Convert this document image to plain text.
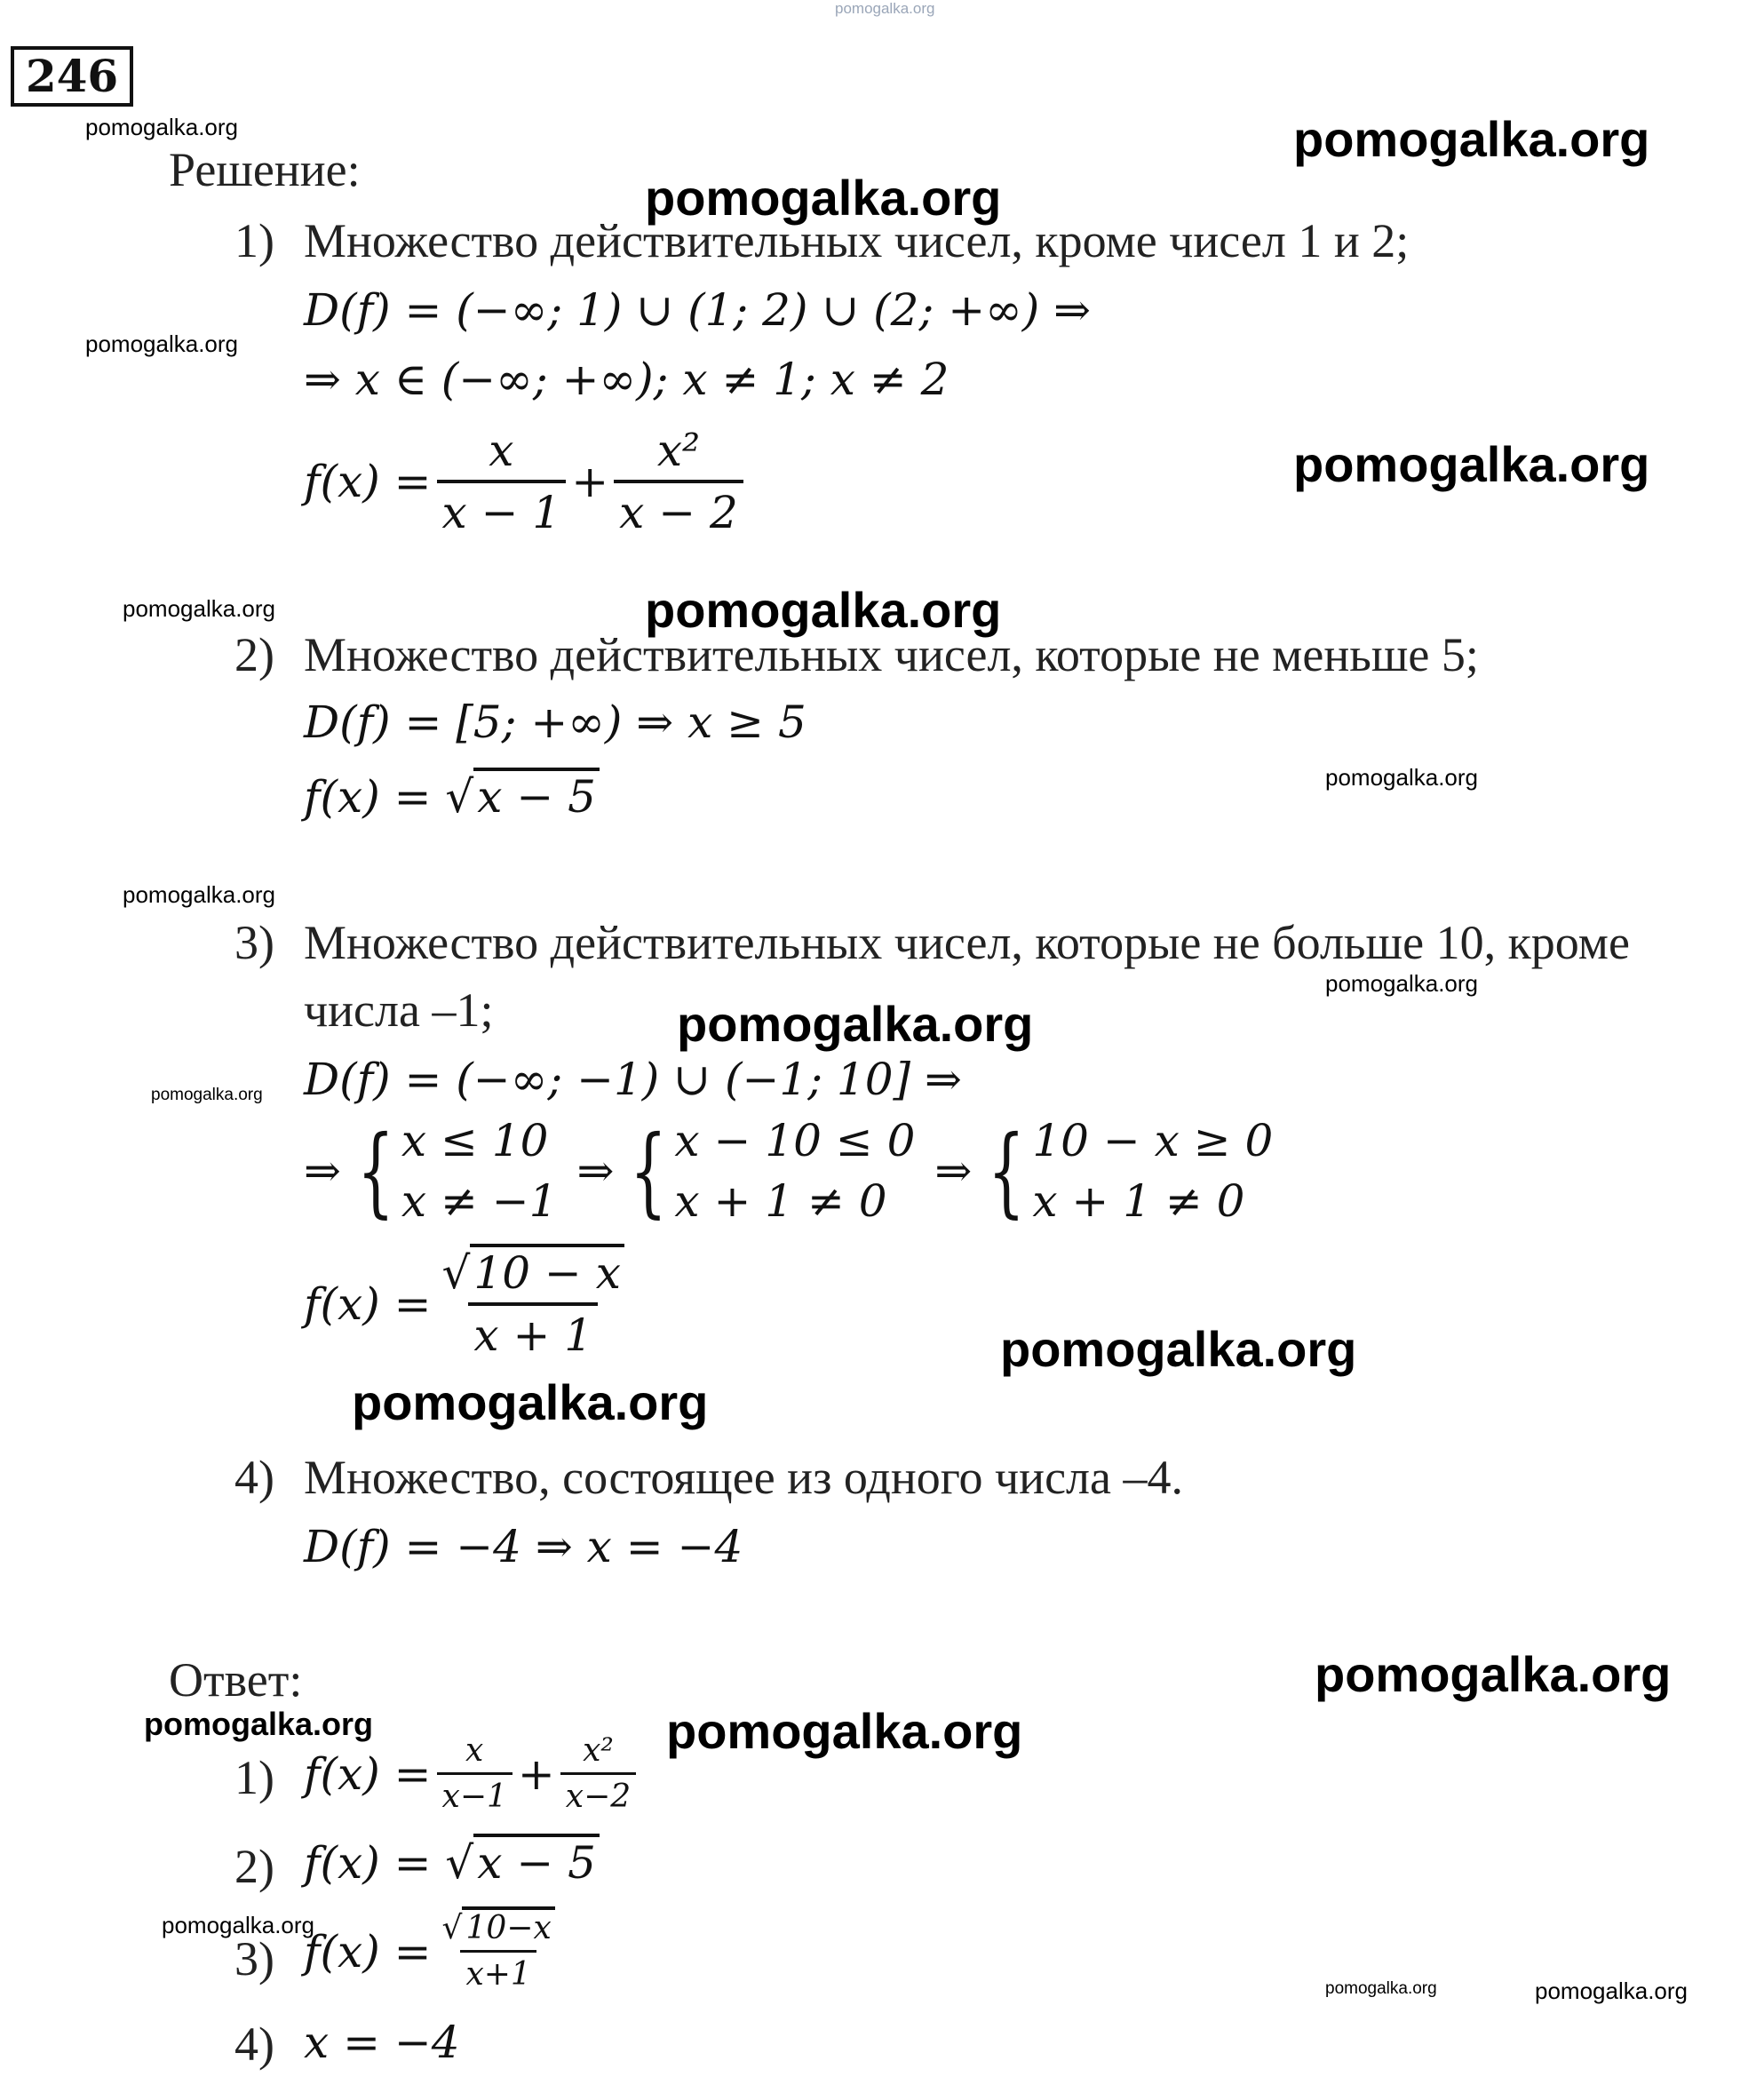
pomogalka.org
246
pomogalka.org	pomogalka.org
pomogalka.org
pomogalka.org
pomogalka.org
pomogalka.org	pomogalka.org
pomogalka.org
pomogalka.org
pomogalka.org
pomogalka.org
pomogalka.org
pomogalka.org
pomogalka.org
pomogalka.org
pomogalka.org	pomogalka.org
pomogalka.org
pomogalka.org	pomogalka.org
Решение:
1) Множество действительных чисел, кроме чисел 1 и 2;
D(f) = (−∞; 1) ∪ (1; 2) ∪ (2; +∞) ⇒
⇒ x ∈ (−∞; +∞); x ≠ 1; x ≠ 2
$f(x) = \frac{x}{x - 1} + \frac{\text{x²}}{x - 2}$
2) Множество действительных чисел, которые не меньше 5;
D(f) = [5; +∞) ⇒ x ≥ 5
f(x) = √x − 5
3) Множество действительных чисел, которые не больше 10, кроме
числа –1;
D(f) = (−∞; −1) ∪ (−1; 10] ⇒
⇒ { x ≤ 10
x ≠ −1
⇒ { x − 10 ≤ 0
x + 1 ≠ 0
⇒ { 10 − x ≥ 0
x + 1 ≠ 0
$f(x) = \frac{√10 - x}{x + 1}$
4) Множество, состоящее из одного числа –4.
D(f) = −4 ⇒ x = −4
Ответ:
1) $f(x) = \frac{x}{x-1} + \frac{\text{x²}}{x-2}$
2) f(x) = √x − 5
3) $f(x) = \frac{√ 10-x}{x+1}$
4) x = −4
